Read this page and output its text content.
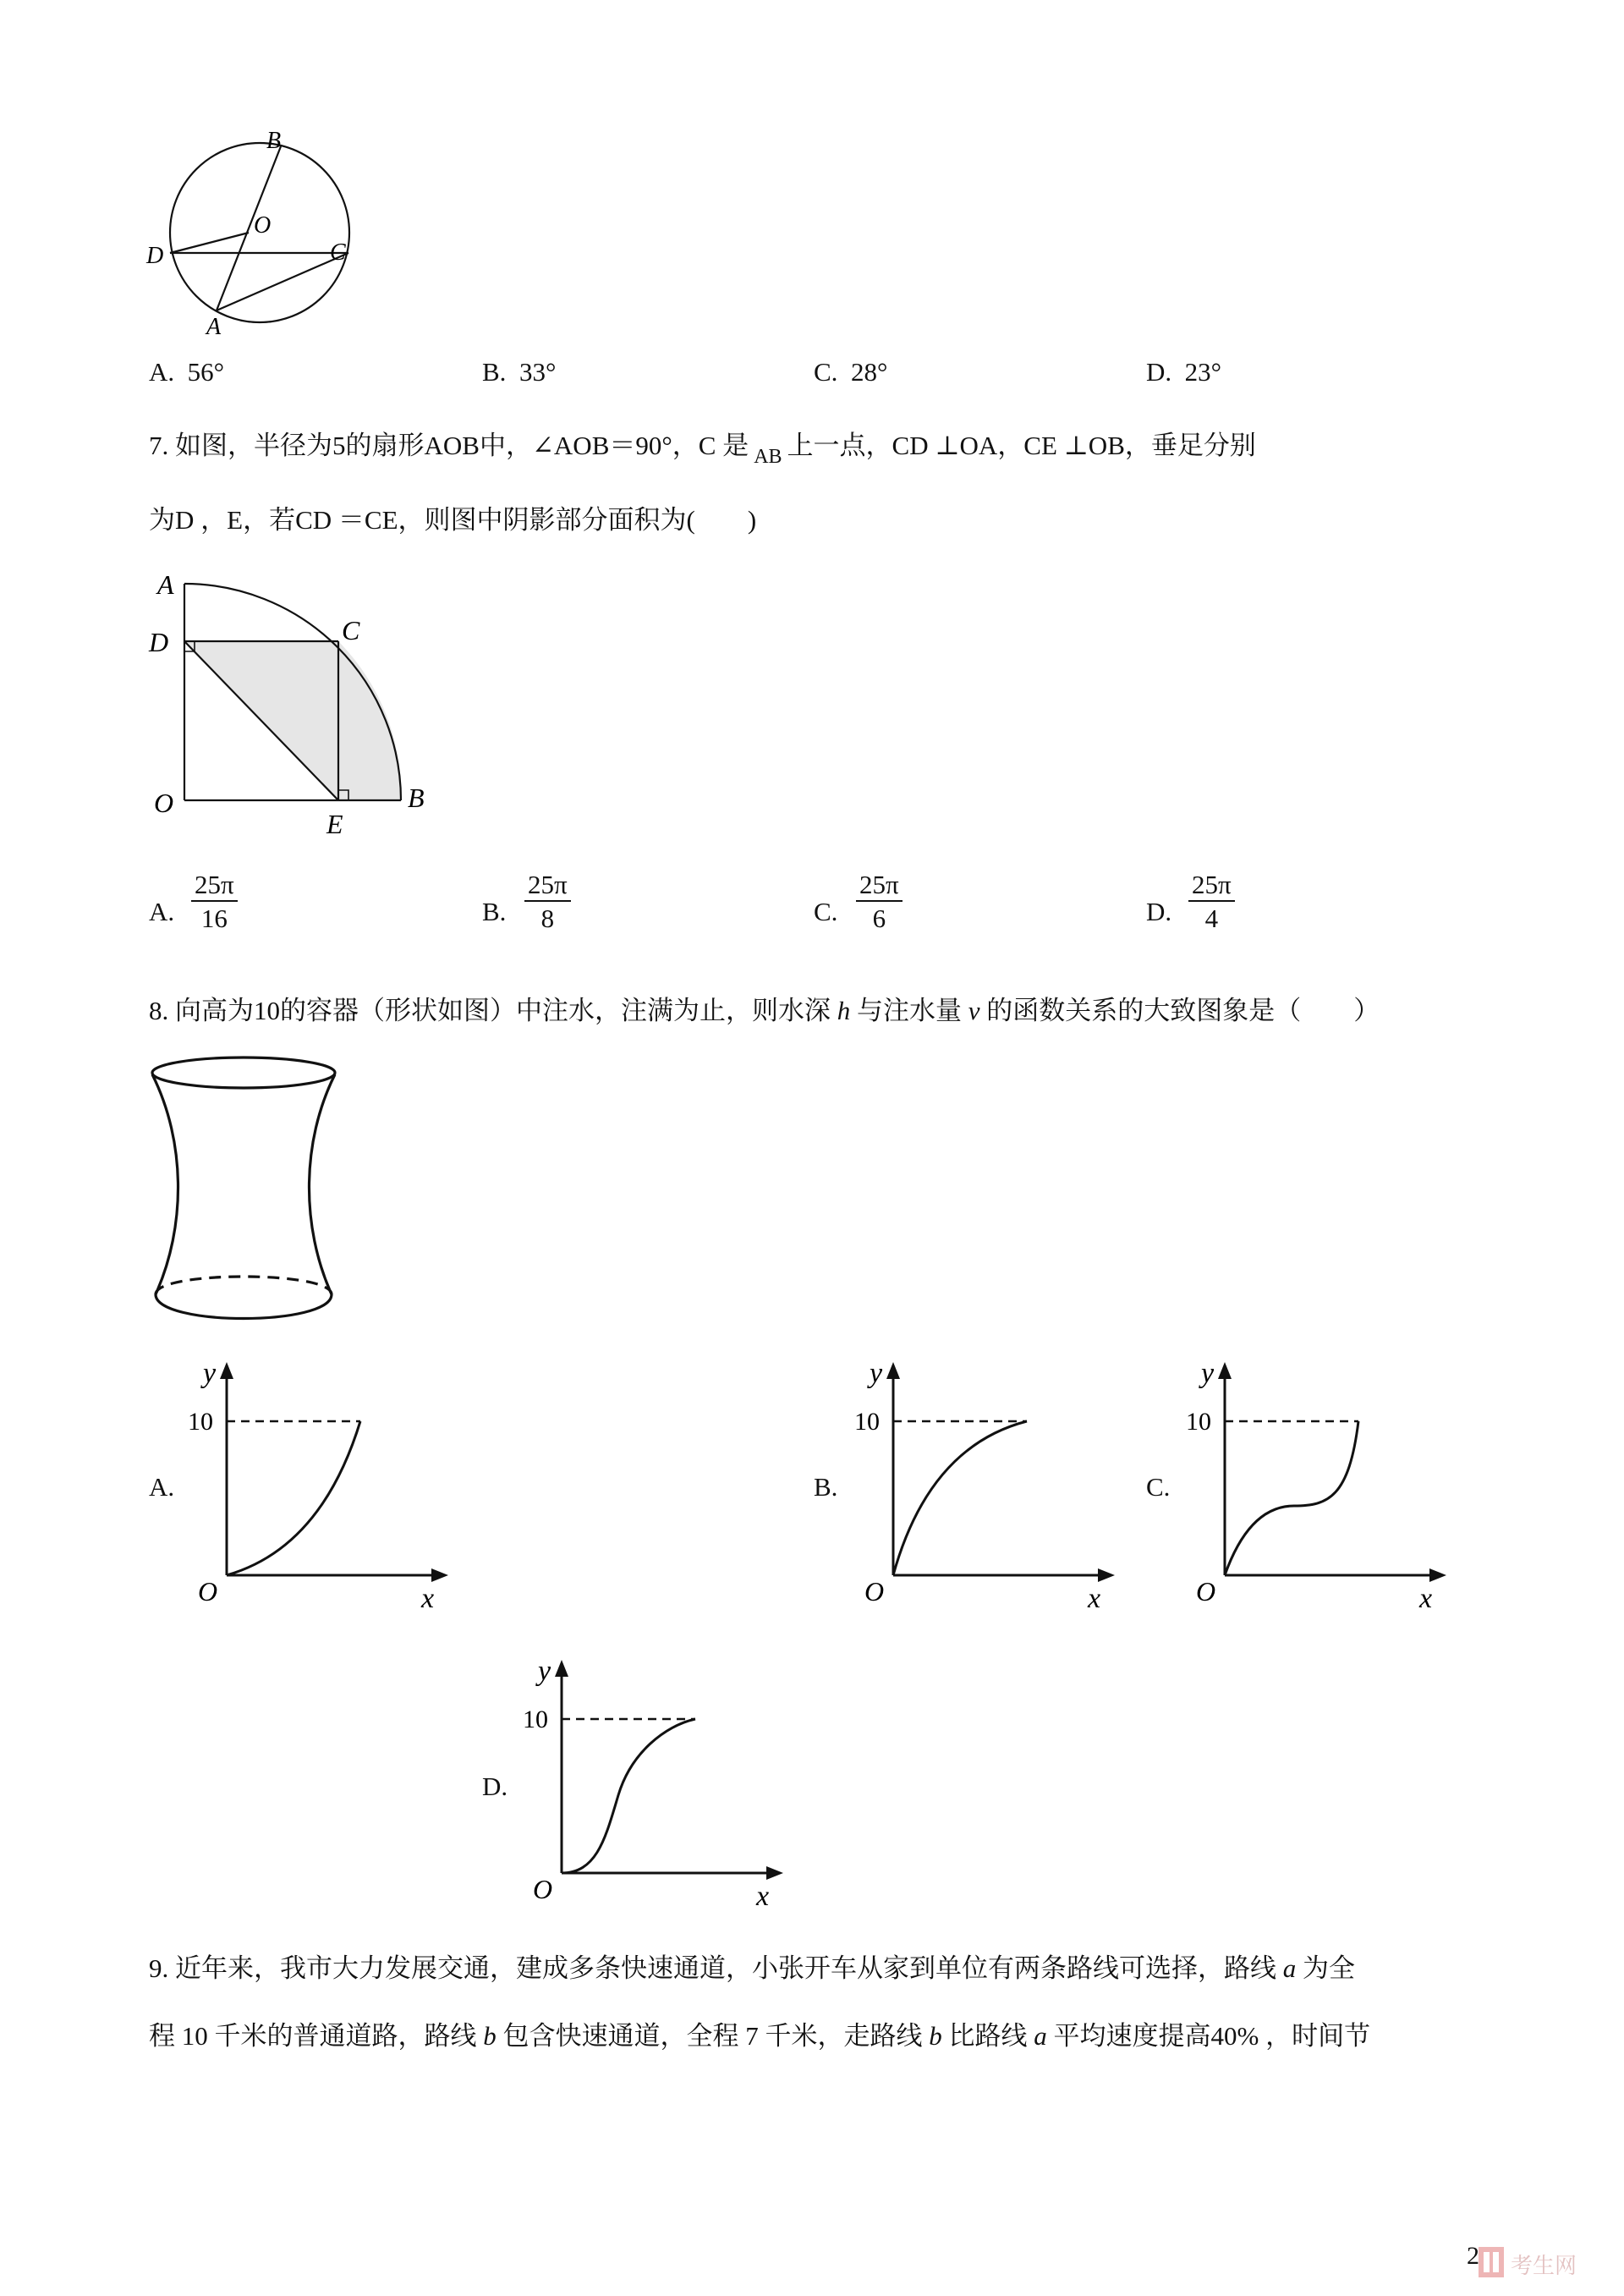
B
O
D	C
A
A. 56°	B. 33°	C. 28°	D. 23°
7. 如图，半径为5的扇形AOB中，∠AOB＝90°，C 是 $_{AB}$ 上一点，CD ⊥OA，CE ⊥OB，垂足分别
为D ，E，若CD ＝CE，则图中阴影部分面积为(　　)
A
D	C
O
E
B
A. $\frac{25\pi}{16}$	B. $\frac{25\pi}{8}$	C. $\frac{25\pi}{6}$	D. $\frac{25\pi}{4}$
8. 向高为10的容器（形状如图）中注水，注满为止，则水深 h 与注水量 v 的函数关系的大致图象是（　　）
A.
y
10
O	x
B.
y
10
O	x
C.
y
10
O	x
D.
y
10
O	x
9. 近年来，我市大力发展交通，建成多条快速通道，小张开车从家到单位有两条路线可选择，路线 a 为全
程 10 千米的普通道路，路线 b 包含快速通道，全程 7 千米，走路线 b 比路线 a 平均速度提高40% ，时间节
2 考生网
